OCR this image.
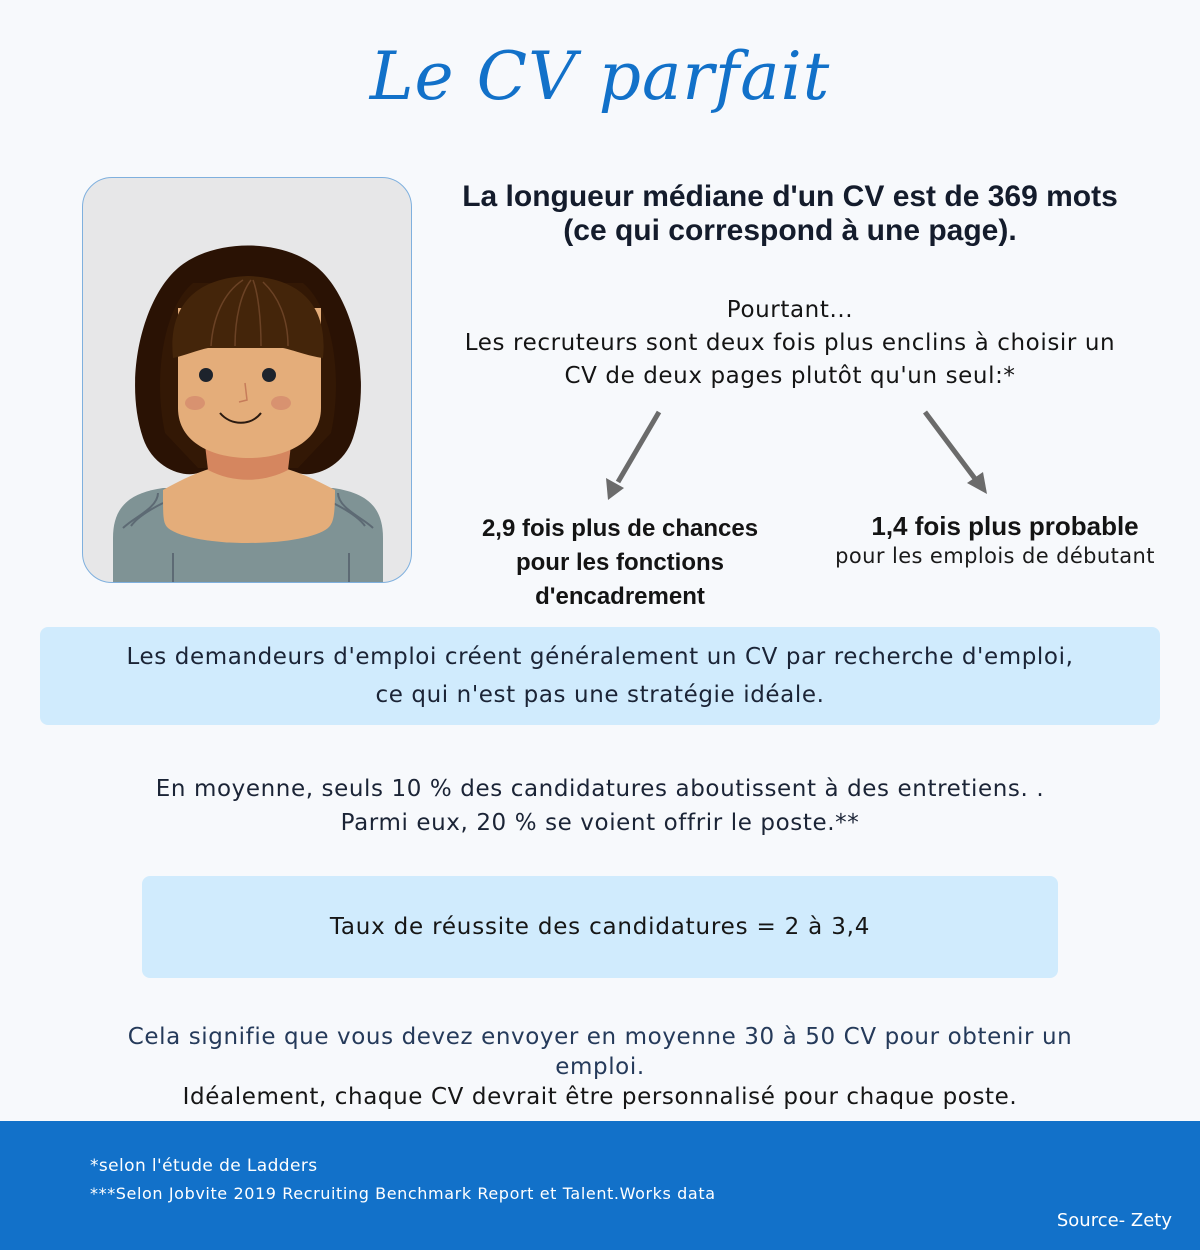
Le CV parfait
La longueur médiane d'un CV est de 369 mots
(ce qui correspond à une page).
Pourtant...
Les recruteurs sont deux fois plus enclins à choisir un
CV de deux pages plutôt qu'un seul:*
2,9 fois plus de chances
pour les fonctions
d'encadrement
1,4 fois plus probable
pour les emplois de débutant
Les demandeurs d'emploi créent généralement un CV par recherche d'emploi,
ce qui n'est pas une stratégie idéale.
En moyenne, seuls 10 % des candidatures aboutissent à des entretiens. .
Parmi eux, 20 % se voient offrir le poste.**
Taux de réussite des candidatures = 2 à 3,4
Cela signifie que vous devez envoyer en moyenne 30 à 50 CV pour obtenir un
emploi.
Idéalement, chaque CV devrait être personnalisé pour chaque poste.
*selon l'étude de Ladders
***Selon Jobvite 2019 Recruiting Benchmark Report et Talent.Works data
Source- Zety
